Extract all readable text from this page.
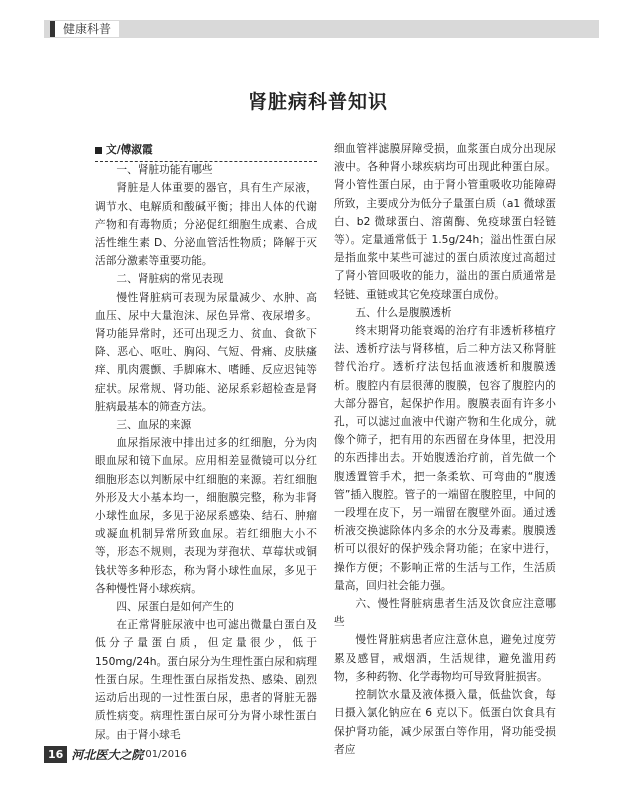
健康科普
肾脏病科普知识
文/傅淑霞

一、肾脏功能有哪些

肾脏是人体重要的器官，具有生产尿液，调节水、电解质和酸碱平衡；排出人体的代谢产物和有毒物质；分泌促红细胞生成素、合成活性维生素 D、分泌血管活性物质；降解于灭活部分激素等重要功能。

二、肾脏病的常见表现

慢性肾脏病可表现为尿量减少、水肿、高血压、尿中大量泡沫、尿色异常、夜尿增多。肾功能异常时，还可出现乏力、贫血、食欲下降、恶心、呕吐、胸闷、气短、骨痛、皮肤瘙痒、肌肉震颤、手脚麻木、嗜睡、反应迟钝等症状。尿常规、肾功能、泌尿系彩超检查是肾脏病最基本的筛查方法。

三、血尿的来源

血尿指尿液中排出过多的红细胞，分为肉眼血尿和镜下血尿。应用相差显微镜可以分红细胞形态以判断尿中红细胞的来源。若红细胞外形及大小基本均一，细胞膜完整，称为非肾小球性血尿，多见于泌尿系感染、结石、肿瘤或凝血机制异常所致血尿。若红细胞大小不等，形态不规则，表现为芽孢状、草莓状或铜钱状等多种形态，称为肾小球性血尿，多见于各种慢性肾小球疾病。

四、尿蛋白是如何产生的

在正常肾脏尿液中也可滤出微量白蛋白及低分子量蛋白质，但定量很少，低于 150mg/24h。蛋白尿分为生理性蛋白尿和病理性蛋白尿。生理性蛋白尿指发热、感染、剧烈运动后出现的一过性蛋白尿，患者的肾脏无器质性病变。病理性蛋白尿可分为肾小球性蛋白尿。由于肾小球毛

细血管袢滤膜屏障受损，血浆蛋白成分出现尿液中。各种肾小球疾病均可出现此种蛋白尿。肾小管性蛋白尿，由于肾小管重吸收功能障碍所致，主要成分为低分子量蛋白质（a1 微球蛋白、b2 微球蛋白、溶菌酶、免疫球蛋白轻链等）。定量通常低于 1.5g/24h；溢出性蛋白尿是指血浆中某些可滤过的蛋白质浓度过高超过了肾小管回吸收的能力，溢出的蛋白质通常是轻链、重链或其它免疫球蛋白成份。

五、什么是腹膜透析

终末期肾功能衰竭的治疗有非透析移植疗法、透析疗法与肾移植，后二种方法又称肾脏替代治疗。透析疗法包括血液透析和腹膜透析。腹腔内有层很薄的腹膜，包容了腹腔内的大部分器官，起保护作用。腹膜表面有许多小孔，可以滤过血液中代谢产物和生化成分，就像个筛子，把有用的东西留在身体里，把没用的东西排出去。开始腹透治疗前，首先做一个腹透置管手术，把一条柔软、可弯曲的“腹透管”插入腹腔。管子的一端留在腹腔里，中间的一段埋在皮下，另一端留在腹壁外面。通过透析液交换滤除体内多余的水分及毒素。腹膜透析可以很好的保护残余肾功能；在家中进行，操作方便；不影响正常的生活与工作，生活质量高，回归社会能力强。

六、慢性肾脏病患者生活及饮食应注意哪些

慢性肾脏病患者应注意休息，避免过度劳累及感冒，戒烟酒，生活规律，避免滥用药物，多种药物、化学毒物均可导致肾脏损害。

控制饮水量及液体摄入量，低盐饮食，每日摄入氯化钠应在 6 克以下。低蛋白饮食具有保护肾功能，减少尿蛋白等作用，肾功能受损者应

16 河北医大之院 01/2016
